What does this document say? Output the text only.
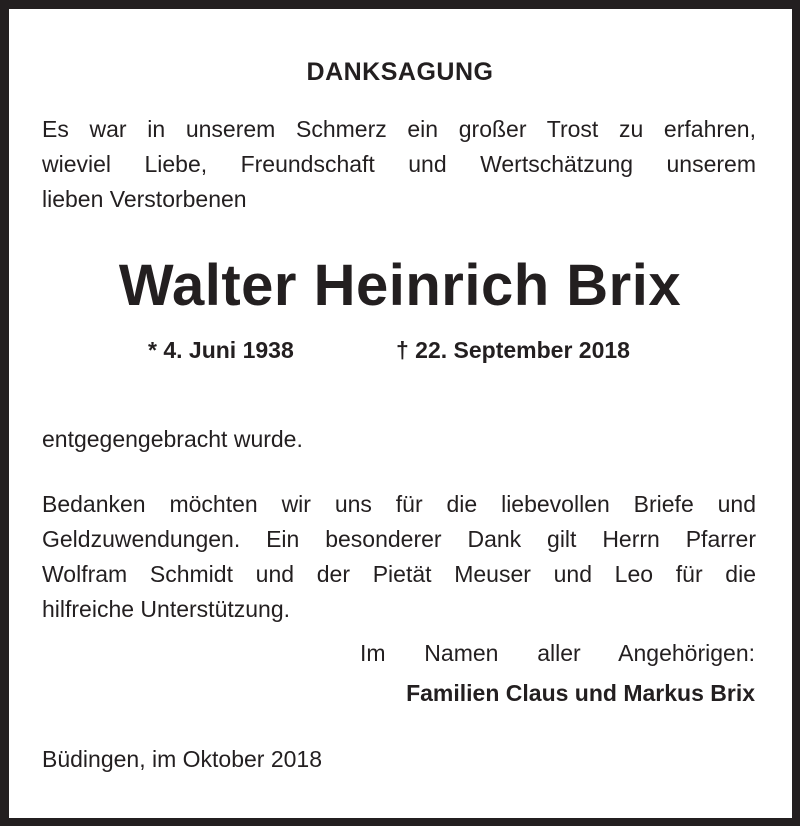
DANKSAGUNG
Es war in unserem Schmerz ein großer Trost zu erfahren,
wieviel Liebe, Freundschaft und Wertschätzung unserem
lieben Verstorbenen
Walter Heinrich Brix
* 4. Juni 1938	† 22. September 2018
entgegengebracht wurde.
Bedanken möchten wir uns für die liebevollen Briefe und
Geldzuwendungen. Ein besonderer Dank gilt Herrn Pfarrer
Wolfram Schmidt und der Pietät Meuser und Leo für die
hilfreiche Unterstützung.
Im Namen aller Angehörigen:
Familien Claus und Markus Brix
Büdingen, im Oktober 2018
